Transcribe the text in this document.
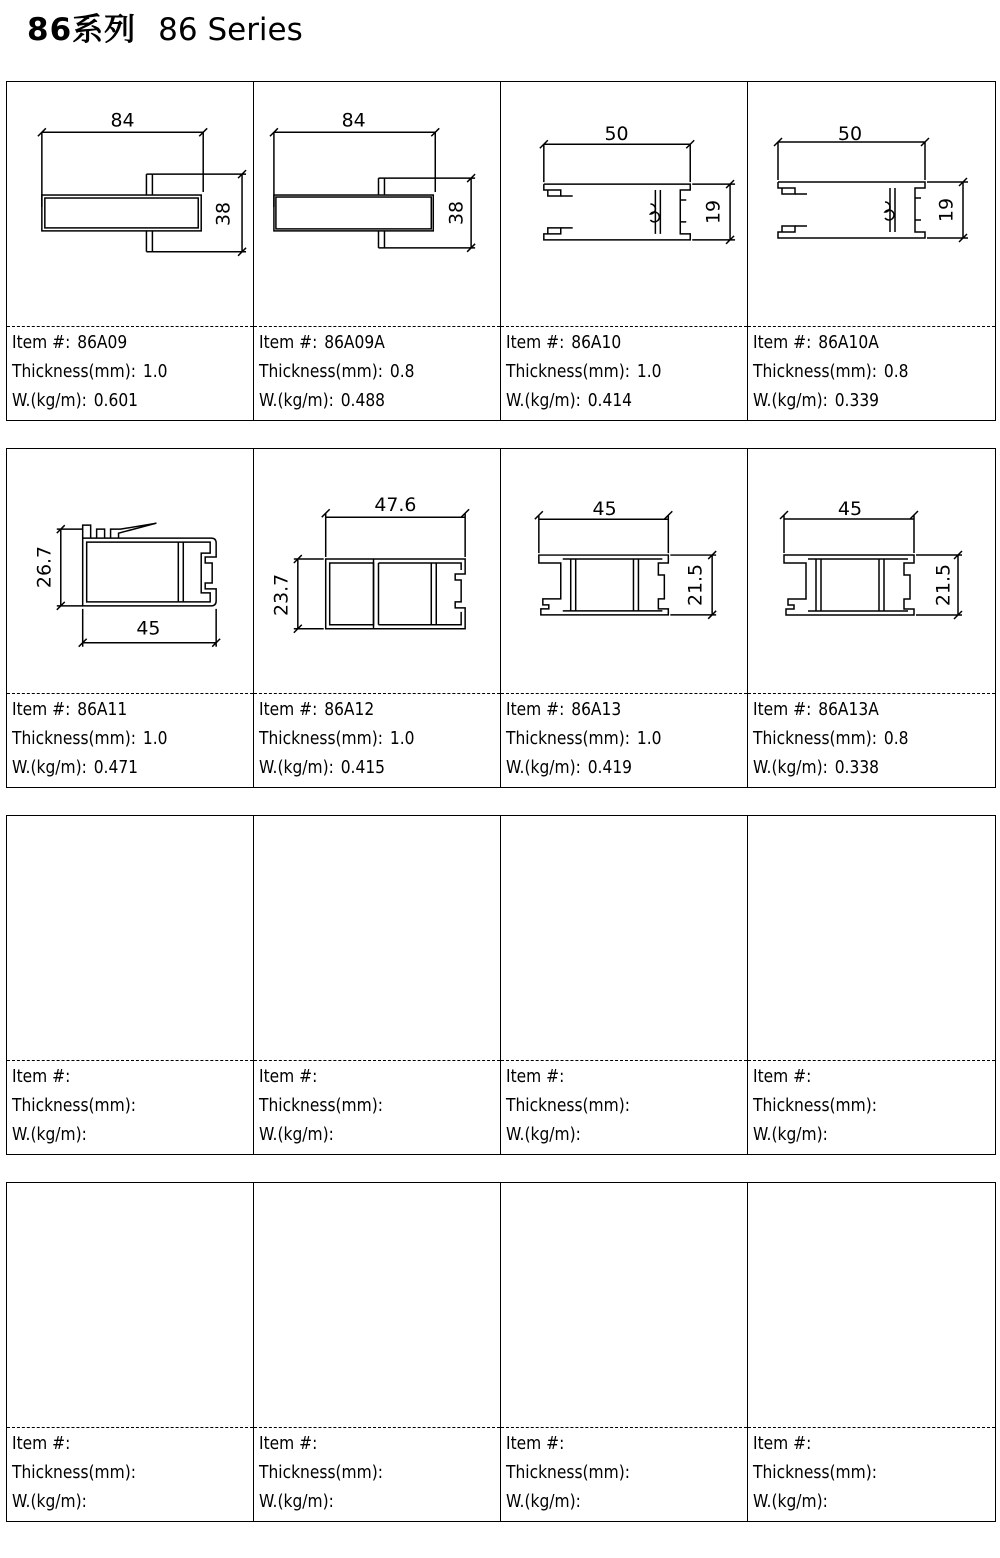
86系列 86 Series
84
38
Item #: 86A09
Thickness(mm): 1.0
W.(kg/m): 0.601
84
38
Item #: 86A09A
Thickness(mm): 0.8
W.(kg/m): 0.488
50
19
Item #: 86A10
Thickness(mm): 1.0
W.(kg/m): 0.414
50
19
Item #: 86A10A
Thickness(mm): 0.8
W.(kg/m): 0.339
26.7
45
Item #: 86A11
Thickness(mm): 1.0
W.(kg/m): 0.471
47.6
23.7
Item #: 86A12
Thickness(mm): 1.0
W.(kg/m): 0.415
45
21.5
Item #: 86A13
Thickness(mm): 1.0
W.(kg/m): 0.419
45
21.5
Item #: 86A13A
Thickness(mm): 0.8
W.(kg/m): 0.338
Item #:
Thickness(mm):
W.(kg/m):
Item #:
Thickness(mm):
W.(kg/m):
Item #:
Thickness(mm):
W.(kg/m):
Item #:
Thickness(mm):
W.(kg/m):
Item #:
Thickness(mm):
W.(kg/m):
Item #:
Thickness(mm):
W.(kg/m):
Item #:
Thickness(mm):
W.(kg/m):
Item #:
Thickness(mm):
W.(kg/m):
